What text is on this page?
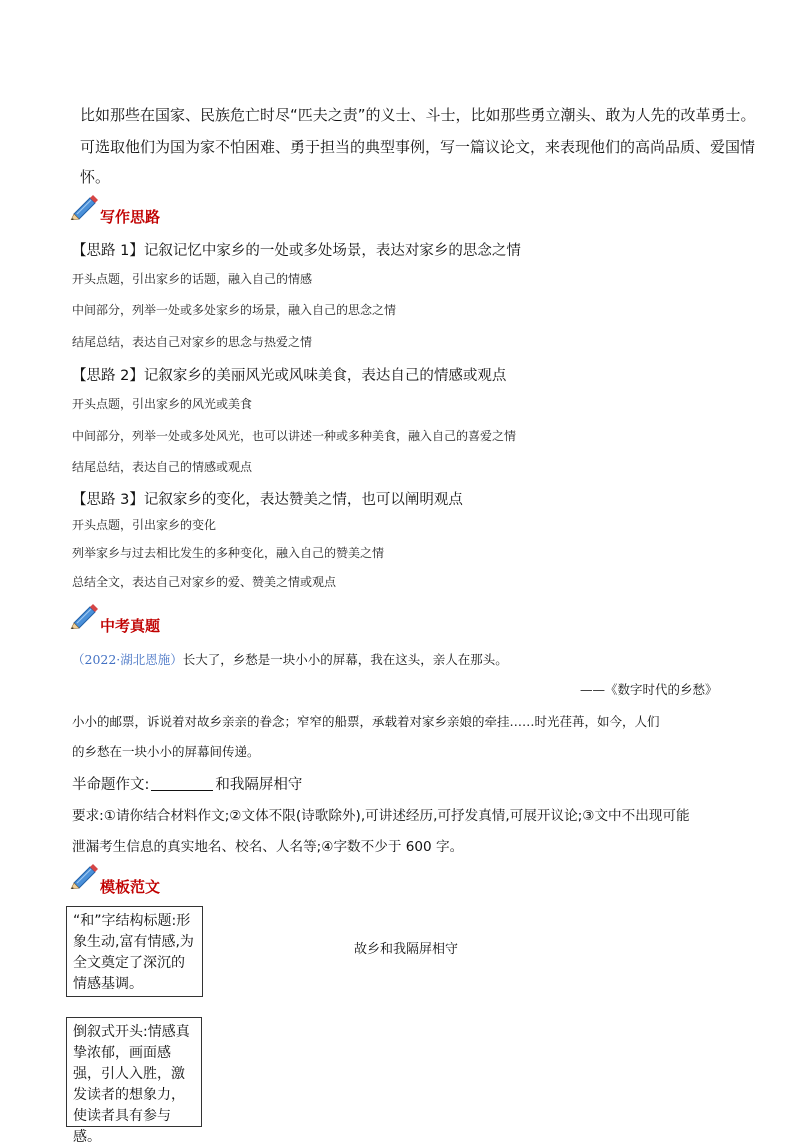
比如那些在国家、民族危亡时尽“匹夫之责”的义士、斗士，比如那些勇立潮头、敢为人先的改革勇士。
可选取他们为国为家不怕困难、勇于担当的典型事例，写一篇议论文，来表现他们的高尚品质、爱国情
怀。
写作思路
【思路 1】记叙记忆中家乡的一处或多处场景，表达对家乡的思念之情
开头点题，引出家乡的话题，融入自己的情感
中间部分，列举一处或多处家乡的场景，融入自己的思念之情
结尾总结，表达自己对家乡的思念与热爱之情
【思路 2】记叙家乡的美丽风光或风味美食，表达自己的情感或观点
开头点题，引出家乡的风光或美食
中间部分，列举一处或多处风光，也可以讲述一种或多种美食，融入自己的喜爱之情
结尾总结，表达自己的情感或观点
【思路 3】记叙家乡的变化，表达赞美之情，也可以阐明观点
开头点题，引出家乡的变化
列举家乡与过去相比发生的多种变化，融入自己的赞美之情
总结全文，表达自己对家乡的爱、赞美之情或观点
中考真题
（2022·湖北恩施）长大了，乡愁是一块小小的屏幕，我在这头，亲人在那头。
——《数字时代的乡愁》
小小的邮票，诉说着对故乡亲亲的眷念；窄窄的船票，承载着对家乡亲娘的牵挂……时光荏苒，如今，人们
的乡愁在一块小小的屏幕间传递。
半命题作文:	和我隔屏相守
要求:①请你结合材料作文;②文体不限(诗歌除外),可讲述经历,可抒发真情,可展开议论;③文中不出现可能
泄漏考生信息的真实地名、校名、人名等;④字数不少于 600 字。
模板范文
“和”字结构标题:形象生动,富有情感,为全文奠定了深沉的情感基调。
故乡和我隔屏相守
倒叙式开头:情感真挚浓郁，画面感强，引人入胜，激发读者的想象力，使读者具有参与感。
